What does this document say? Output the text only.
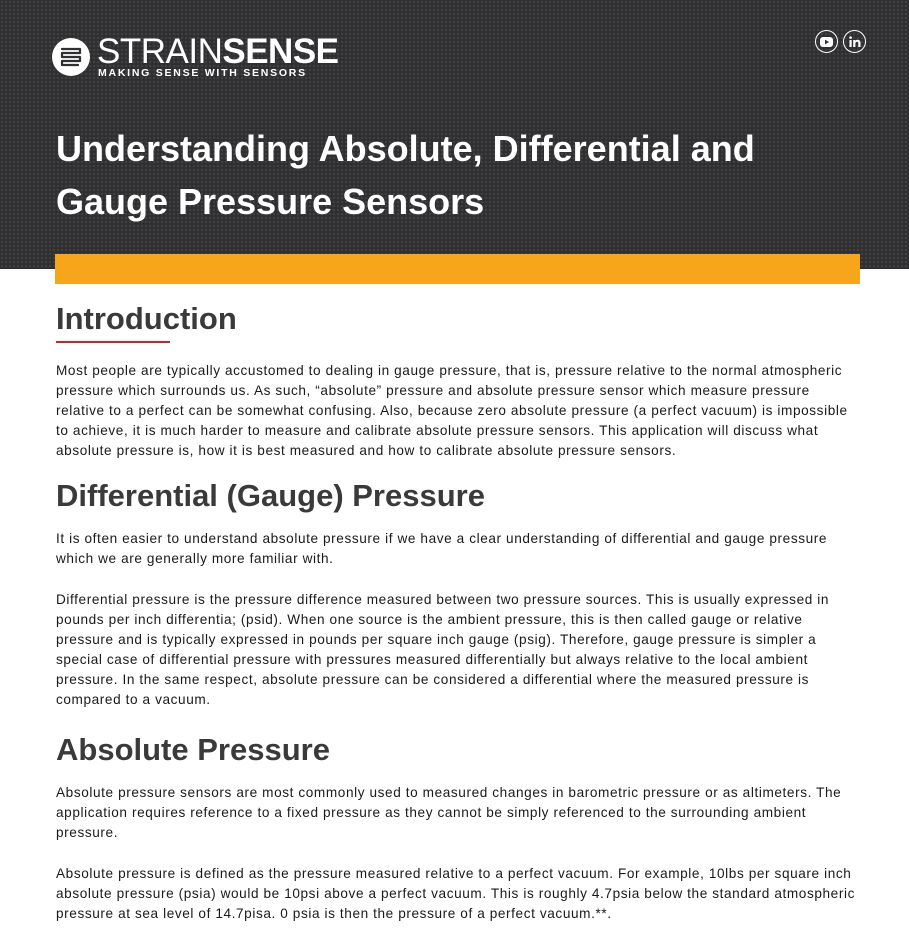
STRAINSENSE
MAKING SENSE WITH SENSORS
Understanding Absolute, Differential and Gauge Pressure Sensors
Introduction

Most people are typically accustomed to dealing in gauge pressure, that is, pressure relative to the normal atmospheric pressure which surrounds us. As such, “absolute” pressure and absolute pressure sensor which measure pressure relative to a perfect can be somewhat confusing. Also, because zero absolute pressure (a perfect vacuum) is impossible to achieve, it is much harder to measure and calibrate absolute pressure sensors. This application will discuss what absolute pressure is, how it is best measured and how to calibrate absolute pressure sensors.

Differential (Gauge) Pressure

It is often easier to understand absolute pressure if we have a clear understanding of differential and gauge pressure which we are generally more familiar with.

Differential pressure is the pressure difference measured between two pressure sources. This is usually expressed in pounds per inch differentia; (psid). When one source is the ambient pressure, this is then called gauge or relative pressure and is typically expressed in pounds per square inch gauge (psig). Therefore, gauge pressure is simpler a special case of differential pressure with pressures measured differentially but always relative to the local ambient pressure. In the same respect, absolute pressure can be considered a differential where the measured pressure is compared to a vacuum.

Absolute Pressure

Absolute pressure sensors are most commonly used to measured changes in barometric pressure or as altimeters. The application requires reference to a fixed pressure as they cannot be simply referenced to the surrounding ambient pressure.

Absolute pressure is defined as the pressure measured relative to a perfect vacuum. For example, 10lbs per square inch absolute pressure (psia) would be 10psi above a perfect vacuum. This is roughly 4.7psia below the standard atmospheric pressure at sea level of 14.7pisa. 0 psia is then the pressure of a perfect vacuum.**.
